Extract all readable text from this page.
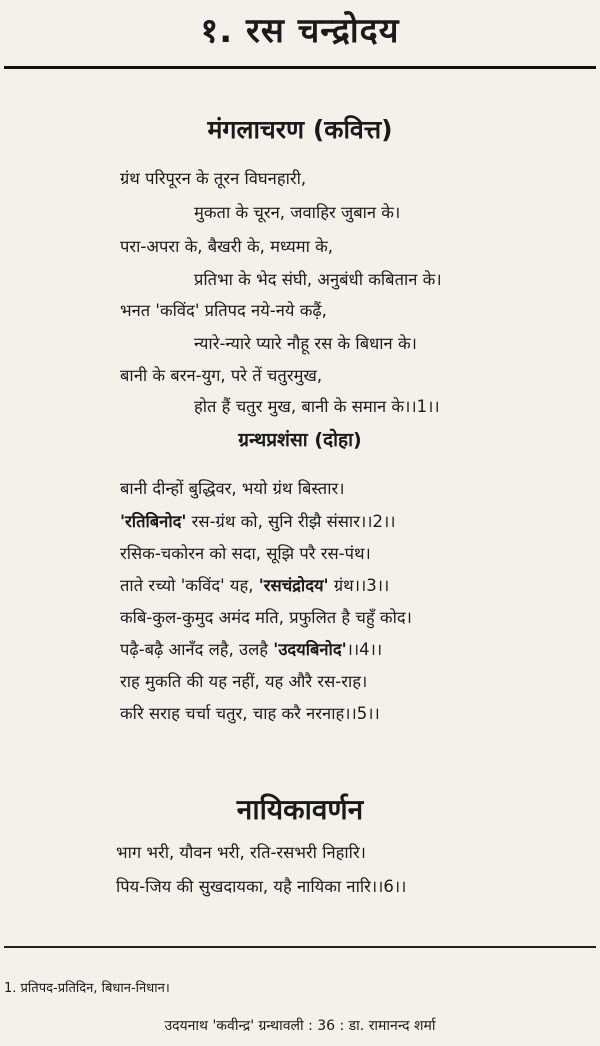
१. रस चन्द्रोदय
मंगलाचरण (कवित्त)
ग्रंथ परिपूरन के तूरन विघनहारी,
मुकता के चूरन, जवाहिर जुबान के।
परा-अपरा के, बैखरी के, मध्यमा के,
प्रतिभा के भेद संघी, अनुबंधी कबितान के।
भनत 'कविंद' प्रतिपद नये-नये कढ़ैं,
न्यारे-न्यारे प्यारे नौहू रस के बिधान के।
बानी के बरन-युग, परे तें चतुरमुख,
होत हैं चतुर मुख, बानी के समान के।।1।।
ग्रन्थप्रशंसा (दोहा)
बानी दीन्हों बुद्धिवर, भयो ग्रंथ बिस्तार।
'रतिबिनोद' रस-ग्रंथ को, सुनि रीझै संसार।।2।।
रसिक-चकोरन को सदा, सूझि परै रस-पंथ।
ताते रच्यो 'कविंद' यह, 'रसचंद्रोदय' ग्रंथ।।3।।
कबि-कुल-कुमुद अमंद मति, प्रफुलित है चहुँ कोद।
पढ़ै-बढ़ै आनँद लहै, उलहै 'उदयबिनोद'।।4।।
राह मुकति की यह नहीं, यह औरै रस-राह।
करि सराह चर्चा चतुर, चाह करै नरनाह।।5।।
नायिकावर्णन
भाग भरी, यौवन भरी, रति-रसभरी निहारि।
पिय-जिय की सुखदायका, यहै नायिका नारि।।6।।
1. प्रतिपद-प्रतिदिन, बिधान-निधान।
उदयनाथ 'कवीन्द्र' ग्रन्थावली : 36 : डा. रामानन्द शर्मा
